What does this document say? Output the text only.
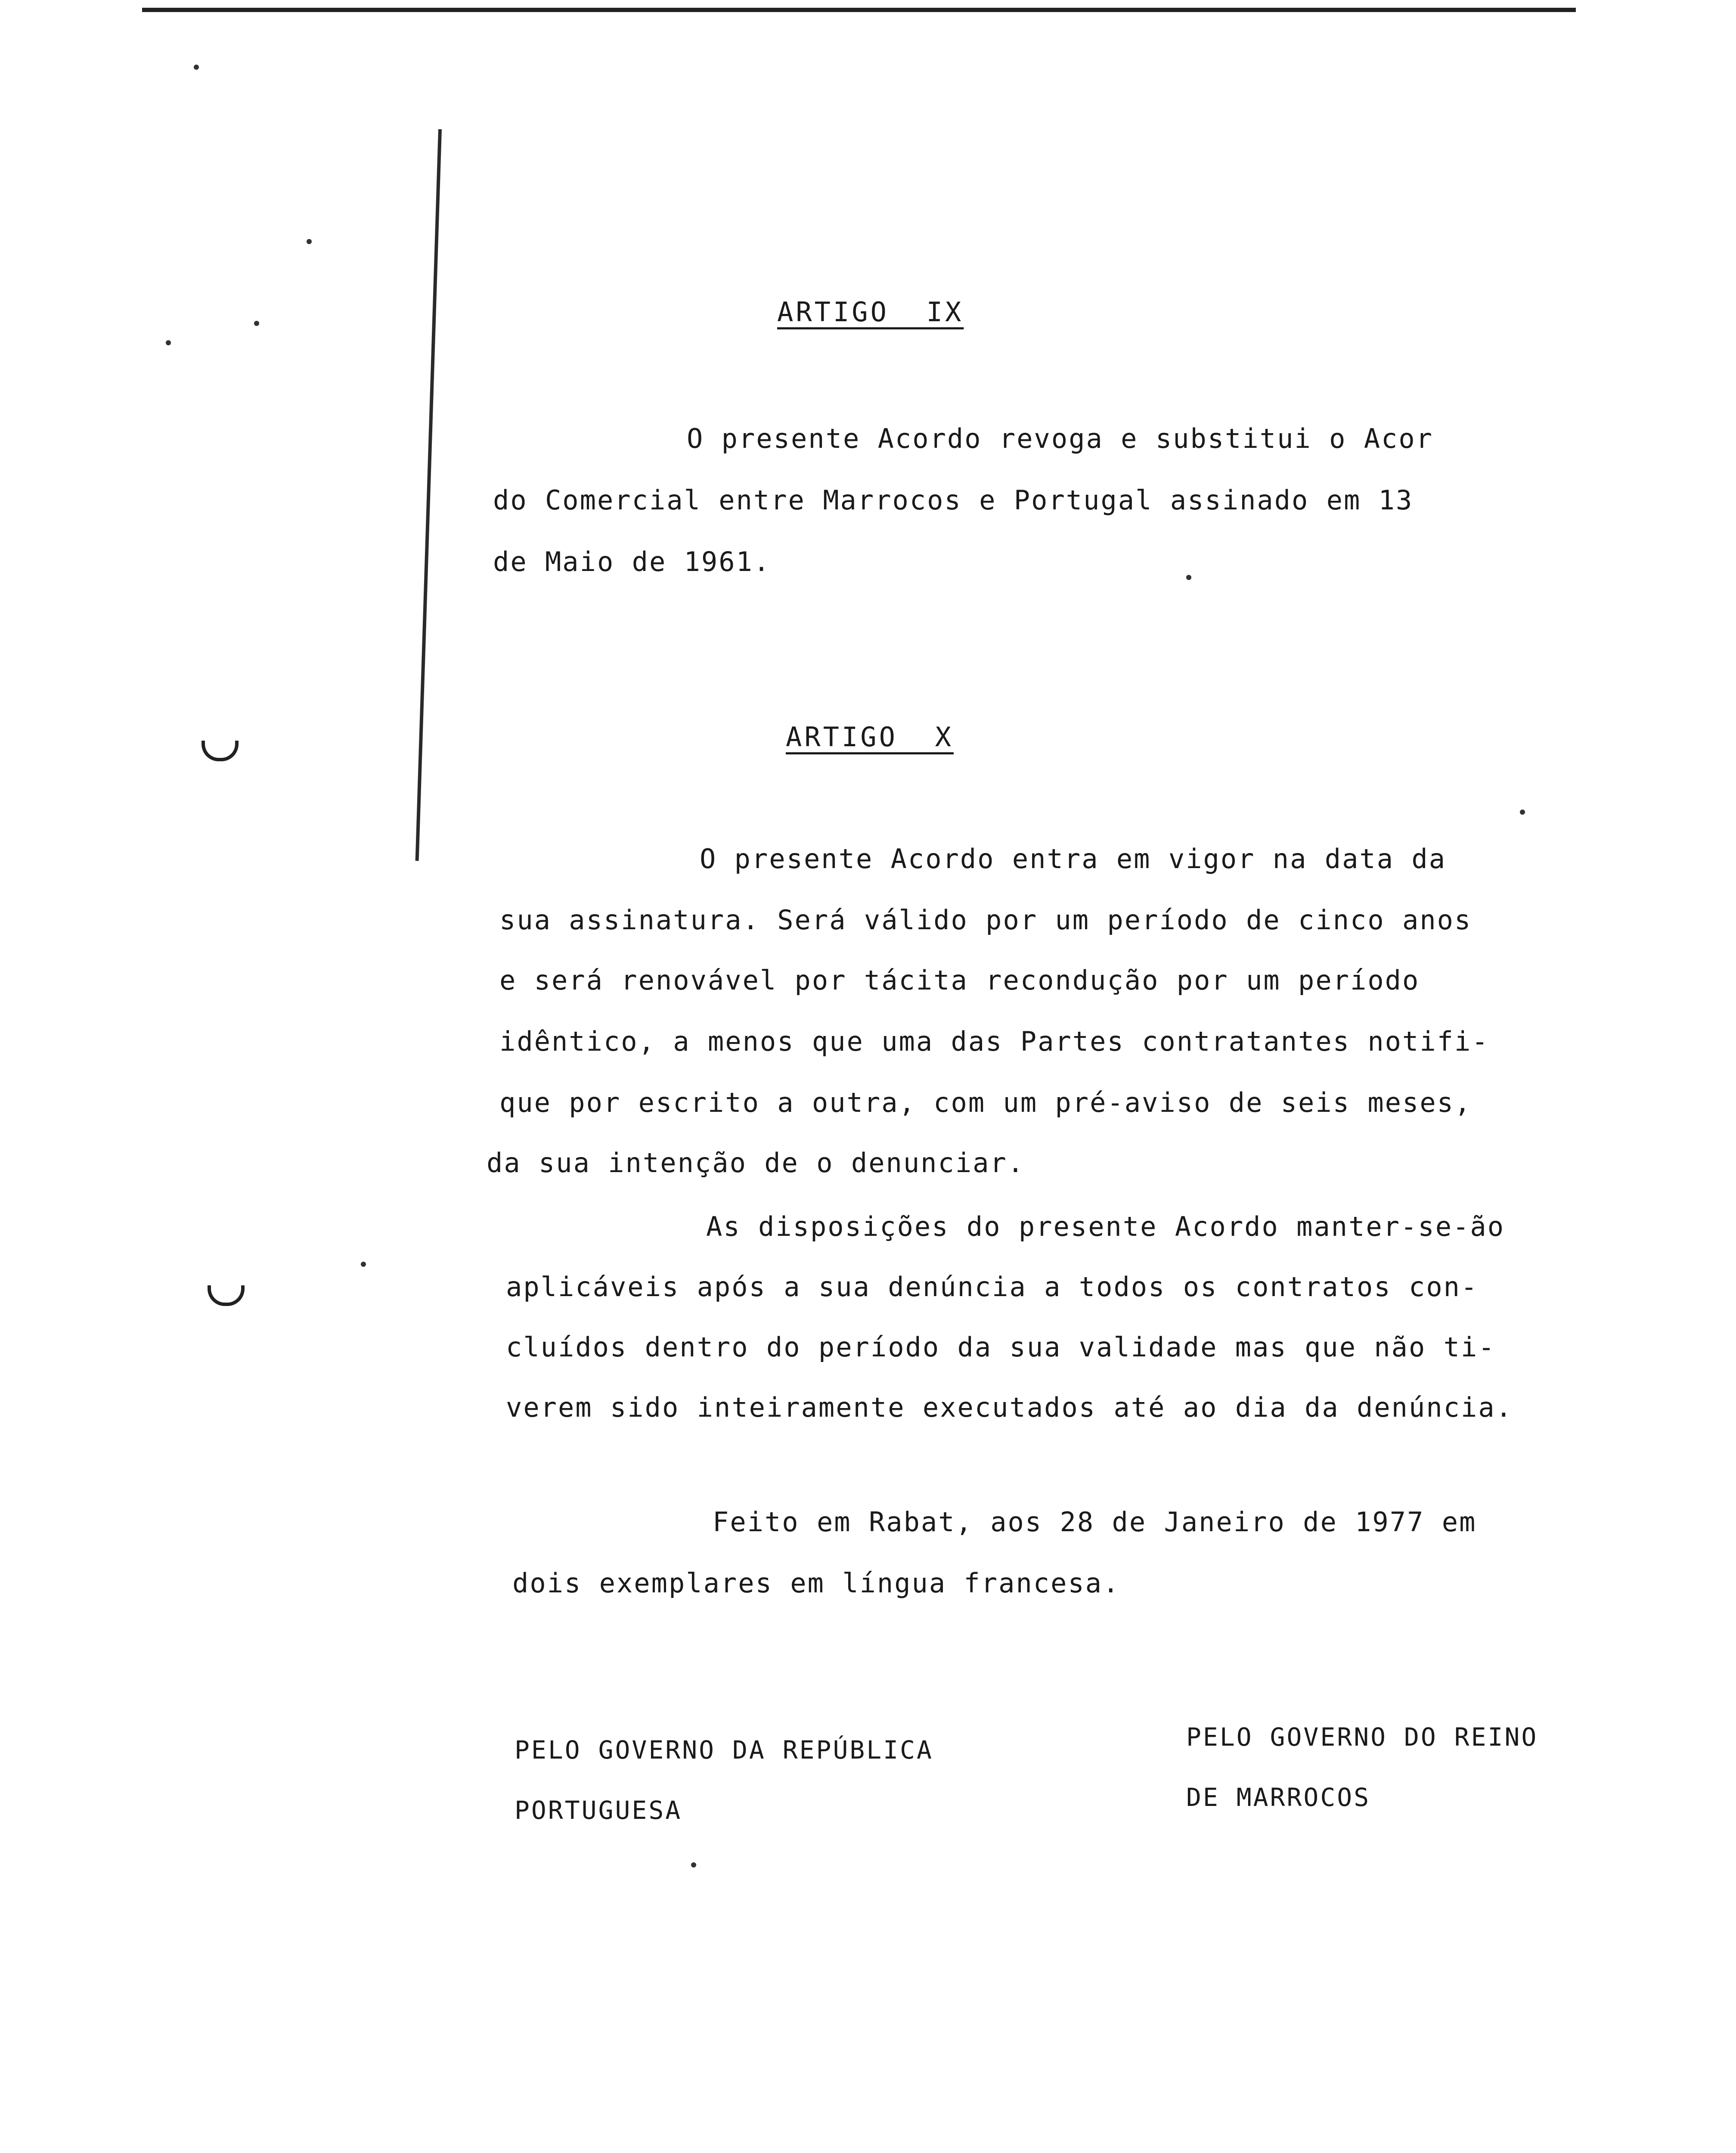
ARTIGO  IX
O presente Acordo revoga e substitui o Acor
do Comercial entre Marrocos e Portugal assinado em 13
de Maio de 1961.
ARTIGO  X
O presente Acordo entra em vigor na data da
sua assinatura. Será válido por um período de cinco anos
e será renovável por tácita recondução por um período
idêntico, a menos que uma das Partes contratantes notifi-
que por escrito a outra, com um pré-aviso de seis meses,
da sua intenção de o denunciar.
As disposições do presente Acordo manter-se-ão
aplicáveis após a sua denúncia a todos os contratos con-
cluídos dentro do período da sua validade mas que não ti-
verem sido inteiramente executados até ao dia da denúncia.
Feito em Rabat, aos 28 de Janeiro de 1977 em
dois exemplares em língua francesa.
PELO GOVERNO DA REPÚBLICA
PORTUGUESA
PELO GOVERNO DO REINO
DE MARROCOS
